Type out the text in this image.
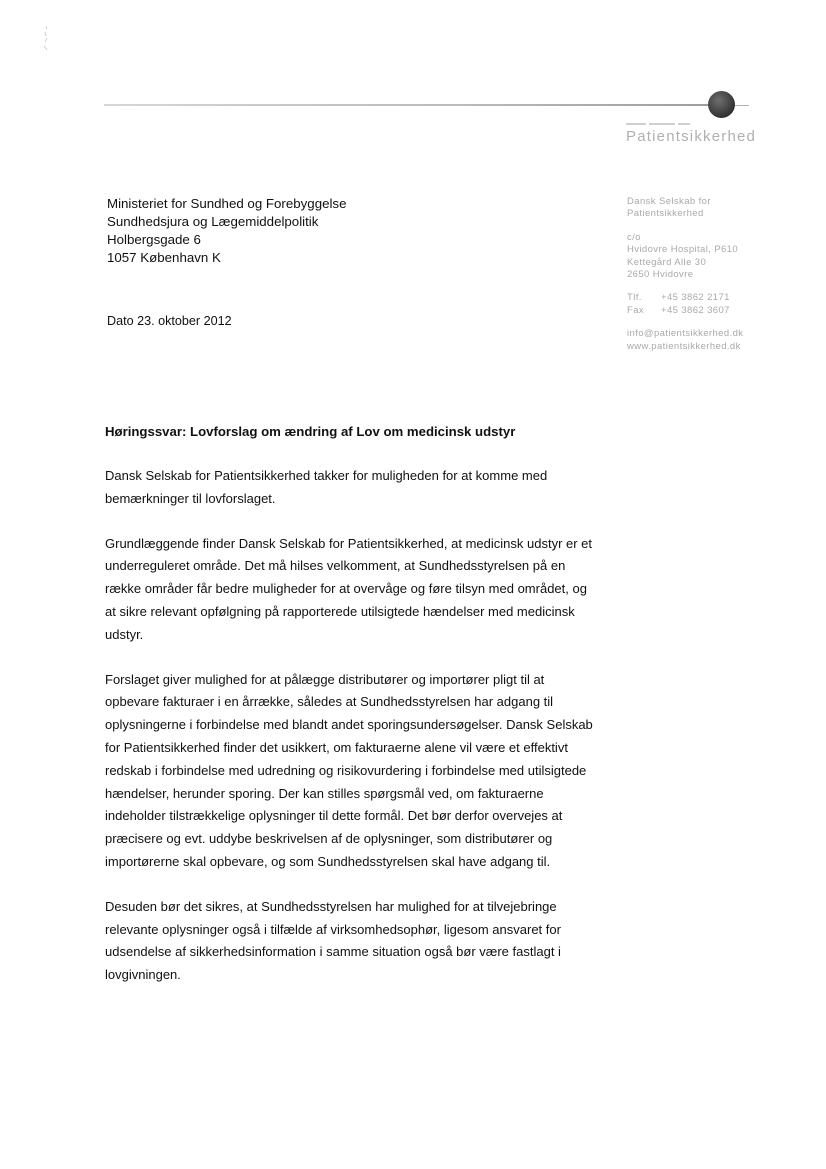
Patientsikkerhed
Dansk Selskab for
Patientsikkerhed
c/o
Hvidovre Hospital, P610
Kettegård Alle 30
2650 Hvidovre
Tlf. +45 3862 2171
Fax +45 3862 3607
info@patientsikkerhed.dk
www.patientsikkerhed.dk
Ministeriet for Sundhed og Forebyggelse
Sundhedsjura og Lægemiddelpolitik
Holbergsgade 6
1057 København K
Dato 23. oktober 2012
Høringssvar: Lovforslag om ændring af Lov om medicinsk udstyr

Dansk Selskab for Patientsikkerhed takker for muligheden for at komme med
bemærkninger til lovforslaget.

Grundlæggende finder Dansk Selskab for Patientsikkerhed, at medicinsk udstyr er et
underreguleret område. Det må hilses velkomment, at Sundhedsstyrelsen på en
række områder får bedre muligheder for at overvåge og føre tilsyn med området, og
at sikre relevant opfølgning på rapporterede utilsigtede hændelser med medicinsk
udstyr.

Forslaget giver mulighed for at pålægge distributører og importører pligt til at
opbevare fakturaer i en årrække, således at Sundhedsstyrelsen har adgang til
oplysningerne i forbindelse med blandt andet sporingsundersøgelser. Dansk Selskab
for Patientsikkerhed finder det usikkert, om fakturaerne alene vil være et effektivt
redskab i forbindelse med udredning og risikovurdering i forbindelse med utilsigtede
hændelser, herunder sporing. Der kan stilles spørgsmål ved, om fakturaerne
indeholder tilstrækkelige oplysninger til dette formål. Det bør derfor overvejes at
præcisere og evt. uddybe beskrivelsen af de oplysninger, som distributører og
importørerne skal opbevare, og som Sundhedsstyrelsen skal have adgang til.

Desuden bør det sikres, at Sundhedsstyrelsen har mulighed for at tilvejebringe
relevante oplysninger også i tilfælde af virksomhedsophør, ligesom ansvaret for
udsendelse af sikkerhedsinformation i samme situation også bør være fastlagt i
lovgivningen.
